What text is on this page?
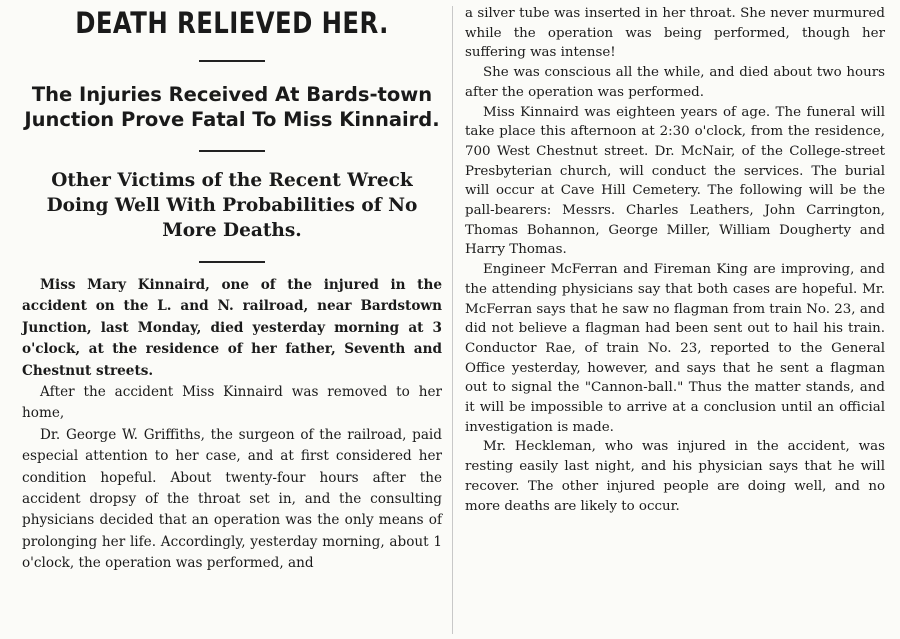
DEATH RELIEVED HER.

The Injuries Received At Bards-town Junction Prove Fatal To Miss Kinnaird.

Other Victims of the Recent Wreck Doing Well With Probabilities of No More Deaths.

Miss Mary Kinnaird, one of the injured in the accident on the L. and N. railroad, near Bardstown Junction, last Monday, died yesterday morning at 3 o'clock, at the residence of her father, Seventh and Chestnut streets.

After the accident Miss Kinnaird was removed to her home,

Dr. George W. Griffiths, the surgeon of the railroad, paid especial attention to her case, and at first considered her condition hopeful. About twenty-four hours after the accident dropsy of the throat set in, and the consulting physicians decided that an operation was the only means of prolonging her life. Accordingly, yesterday morning, about 1 o'clock, the operation was performed, and

a silver tube was inserted in her throat. She never murmured while the operation was being performed, though her suffering was intense!

She was conscious all the while, and died about two hours after the operation was performed.

Miss Kinnaird was eighteen years of age. The funeral will take place this afternoon at 2:30 o'clock, from the residence, 700 West Chestnut street. Dr. McNair, of the College-street Presbyterian church, will conduct the services. The burial will occur at Cave Hill Cemetery. The following will be the pall-bearers: Messrs. Charles Leathers, John Carrington, Thomas Bohannon, George Miller, William Dougherty and Harry Thomas.

Engineer McFerran and Fireman King are improving, and the attending physicians say that both cases are hopeful. Mr. McFerran says that he saw no flagman from train No. 23, and did not believe a flagman had been sent out to hail his train. Conductor Rae, of train No. 23, reported to the General Office yesterday, however, and says that he sent a flagman out to signal the "Cannon-ball." Thus the matter stands, and it will be impossible to arrive at a conclusion until an official investigation is made.

Mr. Heckleman, who was injured in the accident, was resting easily last night, and his physician says that he will recover. The other injured people are doing well, and no more deaths are likely to occur.
